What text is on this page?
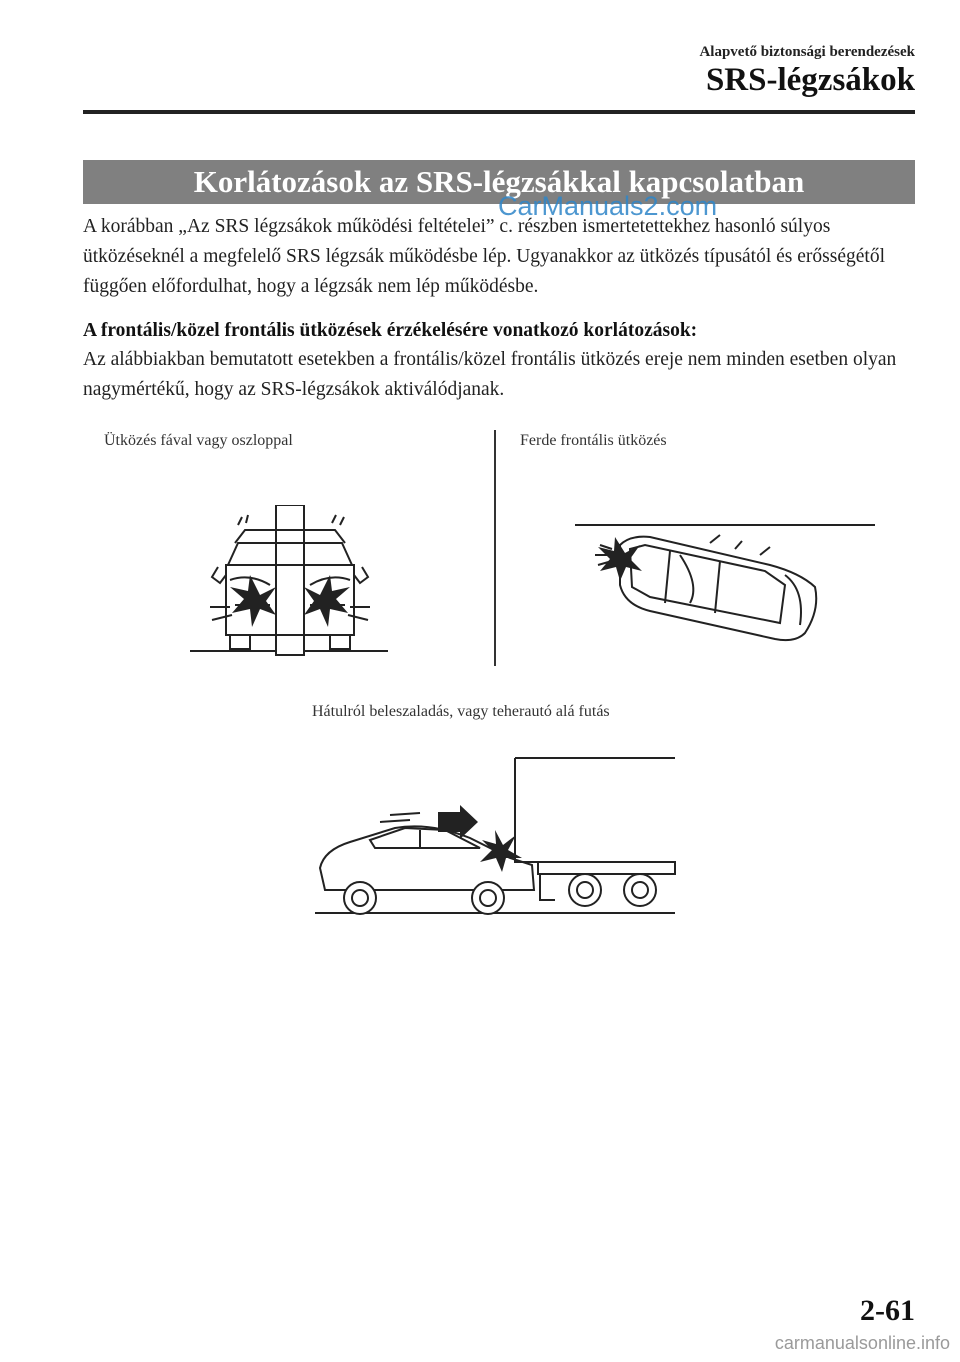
Alapvető biztonsági berendezések
SRS-légzsákok
Korlátozások az SRS-légzsákkal kapcsolatban
CarManuals2.com
A korábban „Az SRS légzsákok működési feltételei” c. részben ismertetettekhez hasonló súlyos ütközéseknél a megfelelő SRS légzsák működésbe lép. Ugyanakkor az ütközés típusától és erősségétől függően előfordulhat, hogy a légzsák nem lép működésbe.
A frontális/közel frontális ütközések érzékelésére vonatkozó korlátozások:
Az alábbiakban bemutatott esetekben a frontális/közel frontális ütközés ereje nem minden esetben olyan nagymértékű, hogy az SRS-légzsákok aktiválódjanak.
Ütközés fával vagy oszloppal	Ferde frontális ütközés
Hátulról beleszaladás, vagy teherautó alá futás
2-61
carmanualsonline.info
